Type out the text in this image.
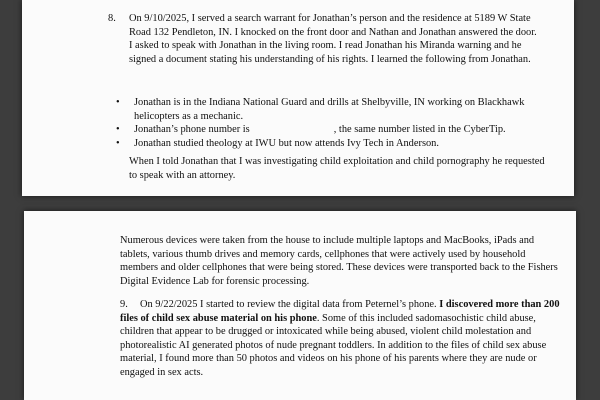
8. On 9/10/2025, I served a search warrant for Jonathan’s person and the residence at 5189 W State Road 132 Pendleton, IN. I knocked on the front door and Nathan and Jonathan answered the door. I asked to speak with Jonathan in the living room. I read Jonathan his Miranda warning and he signed a document stating his understanding of his rights. I learned the following from Jonathan.
• Jonathan is in the Indiana National Guard and drills at Shelbyville, IN working on Blackhawk helicopters as a mechanic.
• Jonathan’s phone number is	, the same number listed in the CyberTip.
• Jonathan studied theology at IWU but now attends Ivy Tech in Anderson.
When I told Jonathan that I was investigating child exploitation and child pornography he requested to speak with an attorney.
Numerous devices were taken from the house to include multiple laptops and MacBooks, iPads and tablets, various thumb drives and memory cards, cellphones that were actively used by household members and older cellphones that were being stored. These devices were transported back to the Fishers Digital Evidence Lab for forensic processing.
9.	On 9/22/2025 I started to review the digital data from Peternel’s phone. I discovered more than 200 files of child sex abuse material on his phone. Some of this included sadomasochistic child abuse, children that appear to be drugged or intoxicated while being abused, violent child molestation and photorealistic AI generated photos of nude pregnant toddlers. In addition to the files of child sex abuse material, I found more than 50 photos and videos on his phone of his parents where they are nude or engaged in sex acts.
